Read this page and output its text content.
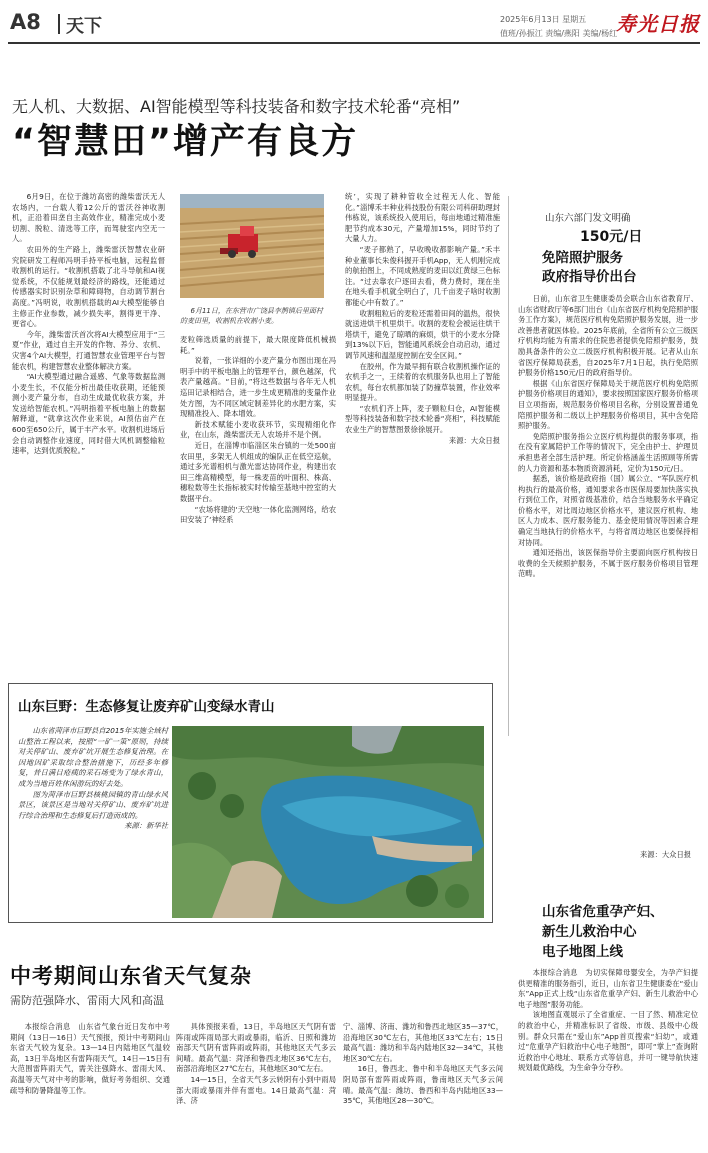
A8 天下	2025年6月13日 星期五
值班/孙振江 责编/燕阳 美编/杨红
寿光日报
无人机、大数据、AI智能模型等科技装备和数字技术轮番“亮相”
“智慧田”增产有良方

6月9日，在位于潍坊高密的潍柴雷沃无人农场内，一台载人着12公斤的雷沃谷神收割机，正沿着田垄自主高效作业，精准完成小麦切割、脱粒、清选等工序，而驾驶室内空无一人。

农田外的生产路上，潍柴雷沃智慧农业研究院研发工程师冯明手持平板电脑，远程监督收割机的运行。“收割机搭载了北斗导航和AI视觉系统，不仅能规划最经济的路线，还能通过传感器实时识别杂草和障碍物，自动调节割台高度。”冯明说，收割机搭载的AI大模型能够自主修正作业参数，减少损失率，割得更干净、更省心。

今年，潍柴雷沃首次将AI大模型应用于“三夏”作业，通过自主开发的作物、养分、农机、灾害4个AI大模型，打通智慧农业管理平台与智能农机，构建智慧农业整体解决方案。

“AI大模型通过融合遥感、气象等数据监测小麦生长，不仅能分析出最佳收获期，还能预测小麦产量分布，自动生成最优收获方案，并发送给智能农机。”冯明指着平板电脑上的数据解释道，“就拿这次作业来说，AI预估亩产在600至650公斤，属于丰产水平。收割机进场后会自动调整作业速度，同时借大风机调整输粒速率，达到优质脱粒。”

6月11日，在东营市广饶县李鹊镇后里面村的麦田里，收割机在收割小麦。

麦粒筛选质量的前提下，最大限度降低机械损耗。”

说着，一张详细的小麦产量分布图出现在冯明手中的平板电脑上的管理平台，颜色越深，代表产量越高。“目前，”将这些数据与各年无人机巡田记录相结合，进一步生成更精准的变量作业处方图，为不同区域定制差异化的水肥方案，实现精准投入、降本增效。

新技术赋能小麦收获环节，实现精细化作业，在山东，潍柴雷沃无人农场并不是个例。

近日，在淄博市临淄区朱台镇的一处500亩农田里，多架无人机组成的编队正在低空巡航，通过多光谱相机与激光雷达协同作业，构建出农田三维高精模型，每一株麦苗的叶面积、株高、穗粒数等生长指标被实时传输至基地中控室的大数据平台。

“农场将建的‘天空地’一体化监测网络，给农田安装了‘神经系

统’，实现了耕种管收全过程无人化、智能化。”淄博禾丰种业科技股份有限公司科研助理封伟栋说，该系统投入使用后，每亩地通过精准施肥节约成本30元，产量增加15%，同时节约了大量人力。

“麦子都熟了，早收晚收都影响产量。”禾丰种业董事长朱俊科握开手机App，无人机刚完成的航拍图上，不同成熟度的麦田以红黄绿三色标注。“过去靠农户逐田去看，费力费时，现在坐在地头看手机就全明白了，几千亩麦子啥时收割都能心中有数了。”

收割粗粒后的麦粒还需着田间的温热，很快就送进烘干机里烘干。收割的麦粒会被运往烘干塔烘干，避免了晾晒的麻烦，烘干的小麦水分降到13%以下后，智能通风系统会自动启动，通过调节风速和温湿度控制在安全区间。”

在胶州，作为最早拥有联合收割机操作证的农机手之一，王续着的农机服务队也用上了智能农机，每台农机都加装了防撞草装置，作业效率明显提升。

“农机们齐上阵，麦子颗粒归仓，AI智能模型等科技装备和数字技术轮番“亮相”，科技赋能农业生产的智慧图景徐徐展开。

来源：大众日报

山东六部门发文明确
150元/日
免陪照护服务
政府指导价出台

日前，山东省卫生健康委员会联合山东省教育厅、山东省财政厅等6部门出台《山东省医疗机构免陪照护服务工作方案》，规范医疗机构免陪照护服务发展，进一步改善患者就医体验。2025年底前，全省所有公立三级医疗机构均能为有需求的住院患者提供免陪照护服务，鼓励具备条件的公立二级医疗机构积极开展。记者从山东省医疗保障局获悉，自2025年7月1日起，执行免陪照护服务价格150元/日的政府指导价。

根据《山东省医疗保障局关于规范医疗机构免陪照护服务价格项目的通知》，要求按照国家医疗服务价格项目立项指南，规范服务价格项目名称，分别设置普通免陪照护服务和二级以上护理服务价格项目，其中含免陪照护服务。

免陪照护服务指公立医疗机构提供的服务事项，指在没有家属陪护工作等的情况下，完全由护士、护理员承担患者全部生活护理。所定价格涵盖生活照顾等所需的人力资源和基本物质资源消耗，定价为150元/日。

据悉，该价格是政府指（国）属公立、“军队医疗机构执行的最高价格，通知要求各市医保局要加快落实执行到位工作，对照省级基准价，结合当地服务水平确定价格水平，对比周边地区价格水平，建议医疗机构、地区人力成本、医疗服务能力、基金使用情况等因素合理确定当地执行的价格水平，与将省周边地区也要保持相对协同。

通知还指出，该医保指导价主要面向医疗机构按日收费的全天候照护服务，不属于医疗服务价格项目管理范畴。

来源：大众日报
山东巨野：生态修复让废弃矿山变绿水青山

山东省菏泽市巨野县自2015年实施全域村山整治工程以来，按照“一矿一策”原则，持续对关停矿山、废弃矿坑开展生态修复治理。在因地因矿采取综合整治措施下，历经多年修复，昔日满目疮痍的采石场变为了绿水青山，成为当地百姓休闲游玩的好去处。

图为菏泽市巨野县核桃园镇的青山绿水风景区，该景区是当地对关停矿山、废弃矿坑进行综合治理和生态修复后打造而成的。

来源：新华社

山东省危重孕产妇、
新生儿救治中心
电子地图上线

本报综合消息　为切实保障母婴安全，为孕产妇提供更精准的服务指引，近日，山东省卫生健康委在“爱山东”App正式上线“山东省危重孕产妇、新生儿救治中心电子地图”服务功能。

该地图直观展示了全省重症、一目了然、精准定位的救治中心，并精准标识了省级、市级、县级中心级别。群众只需在“爱山东”App首页搜索“妇幼”，或通过“危重孕产妇救治中心电子地图”，即可“掌上”查询附近救治中心地址、联系方式等信息，并可一键导航快速规划最优路线，为生命争分夺秒。

中考期间山东省天气复杂
需防范强降水、雷雨大风和高温

本报综合消息　山东省气象台近日发布中考期间（13日—16日）天气预报，预计中考期间山东省天气较为复杂。13—14日内陆地区气温较高，13日半岛地区有雷阵雨天气，14日—15日有大范围雷阵雨天气，需关注强降水、雷雨大风、高温等天气对中考的影响，做好考务组织、交通疏导和防暑降温等工作。

具体预报来看，13日，半岛地区天气阴有雷阵雨或阵雨局部大雨或暴雨，临沂、日照和潍坊南部天气阴有雷阵雨或阵雨，其他地区天气多云间晴。最高气温：菏泽和鲁西北地区36℃左右，南部沿海地区27℃左右，其他地区30℃左右。

14—15日，全省天气多云转阴有小到中雨局部大雨或暴雨并伴有雷电。14日最高气温：菏泽、济

宁、淄博、济南、潍坊和鲁西北地区35—37℃，沿海地区30℃左右，其他地区33℃左右；15日最高气温：潍坊和半岛内陆地区32—34℃，其他地区30℃左右。

16日，鲁西北、鲁中和半岛地区天气多云间阴局部有雷阵雨或阵雨，鲁南地区天气多云间晴。最高气温：潍坊、鲁西和半岛内陆地区33—35℃，其他地区28—30℃。
